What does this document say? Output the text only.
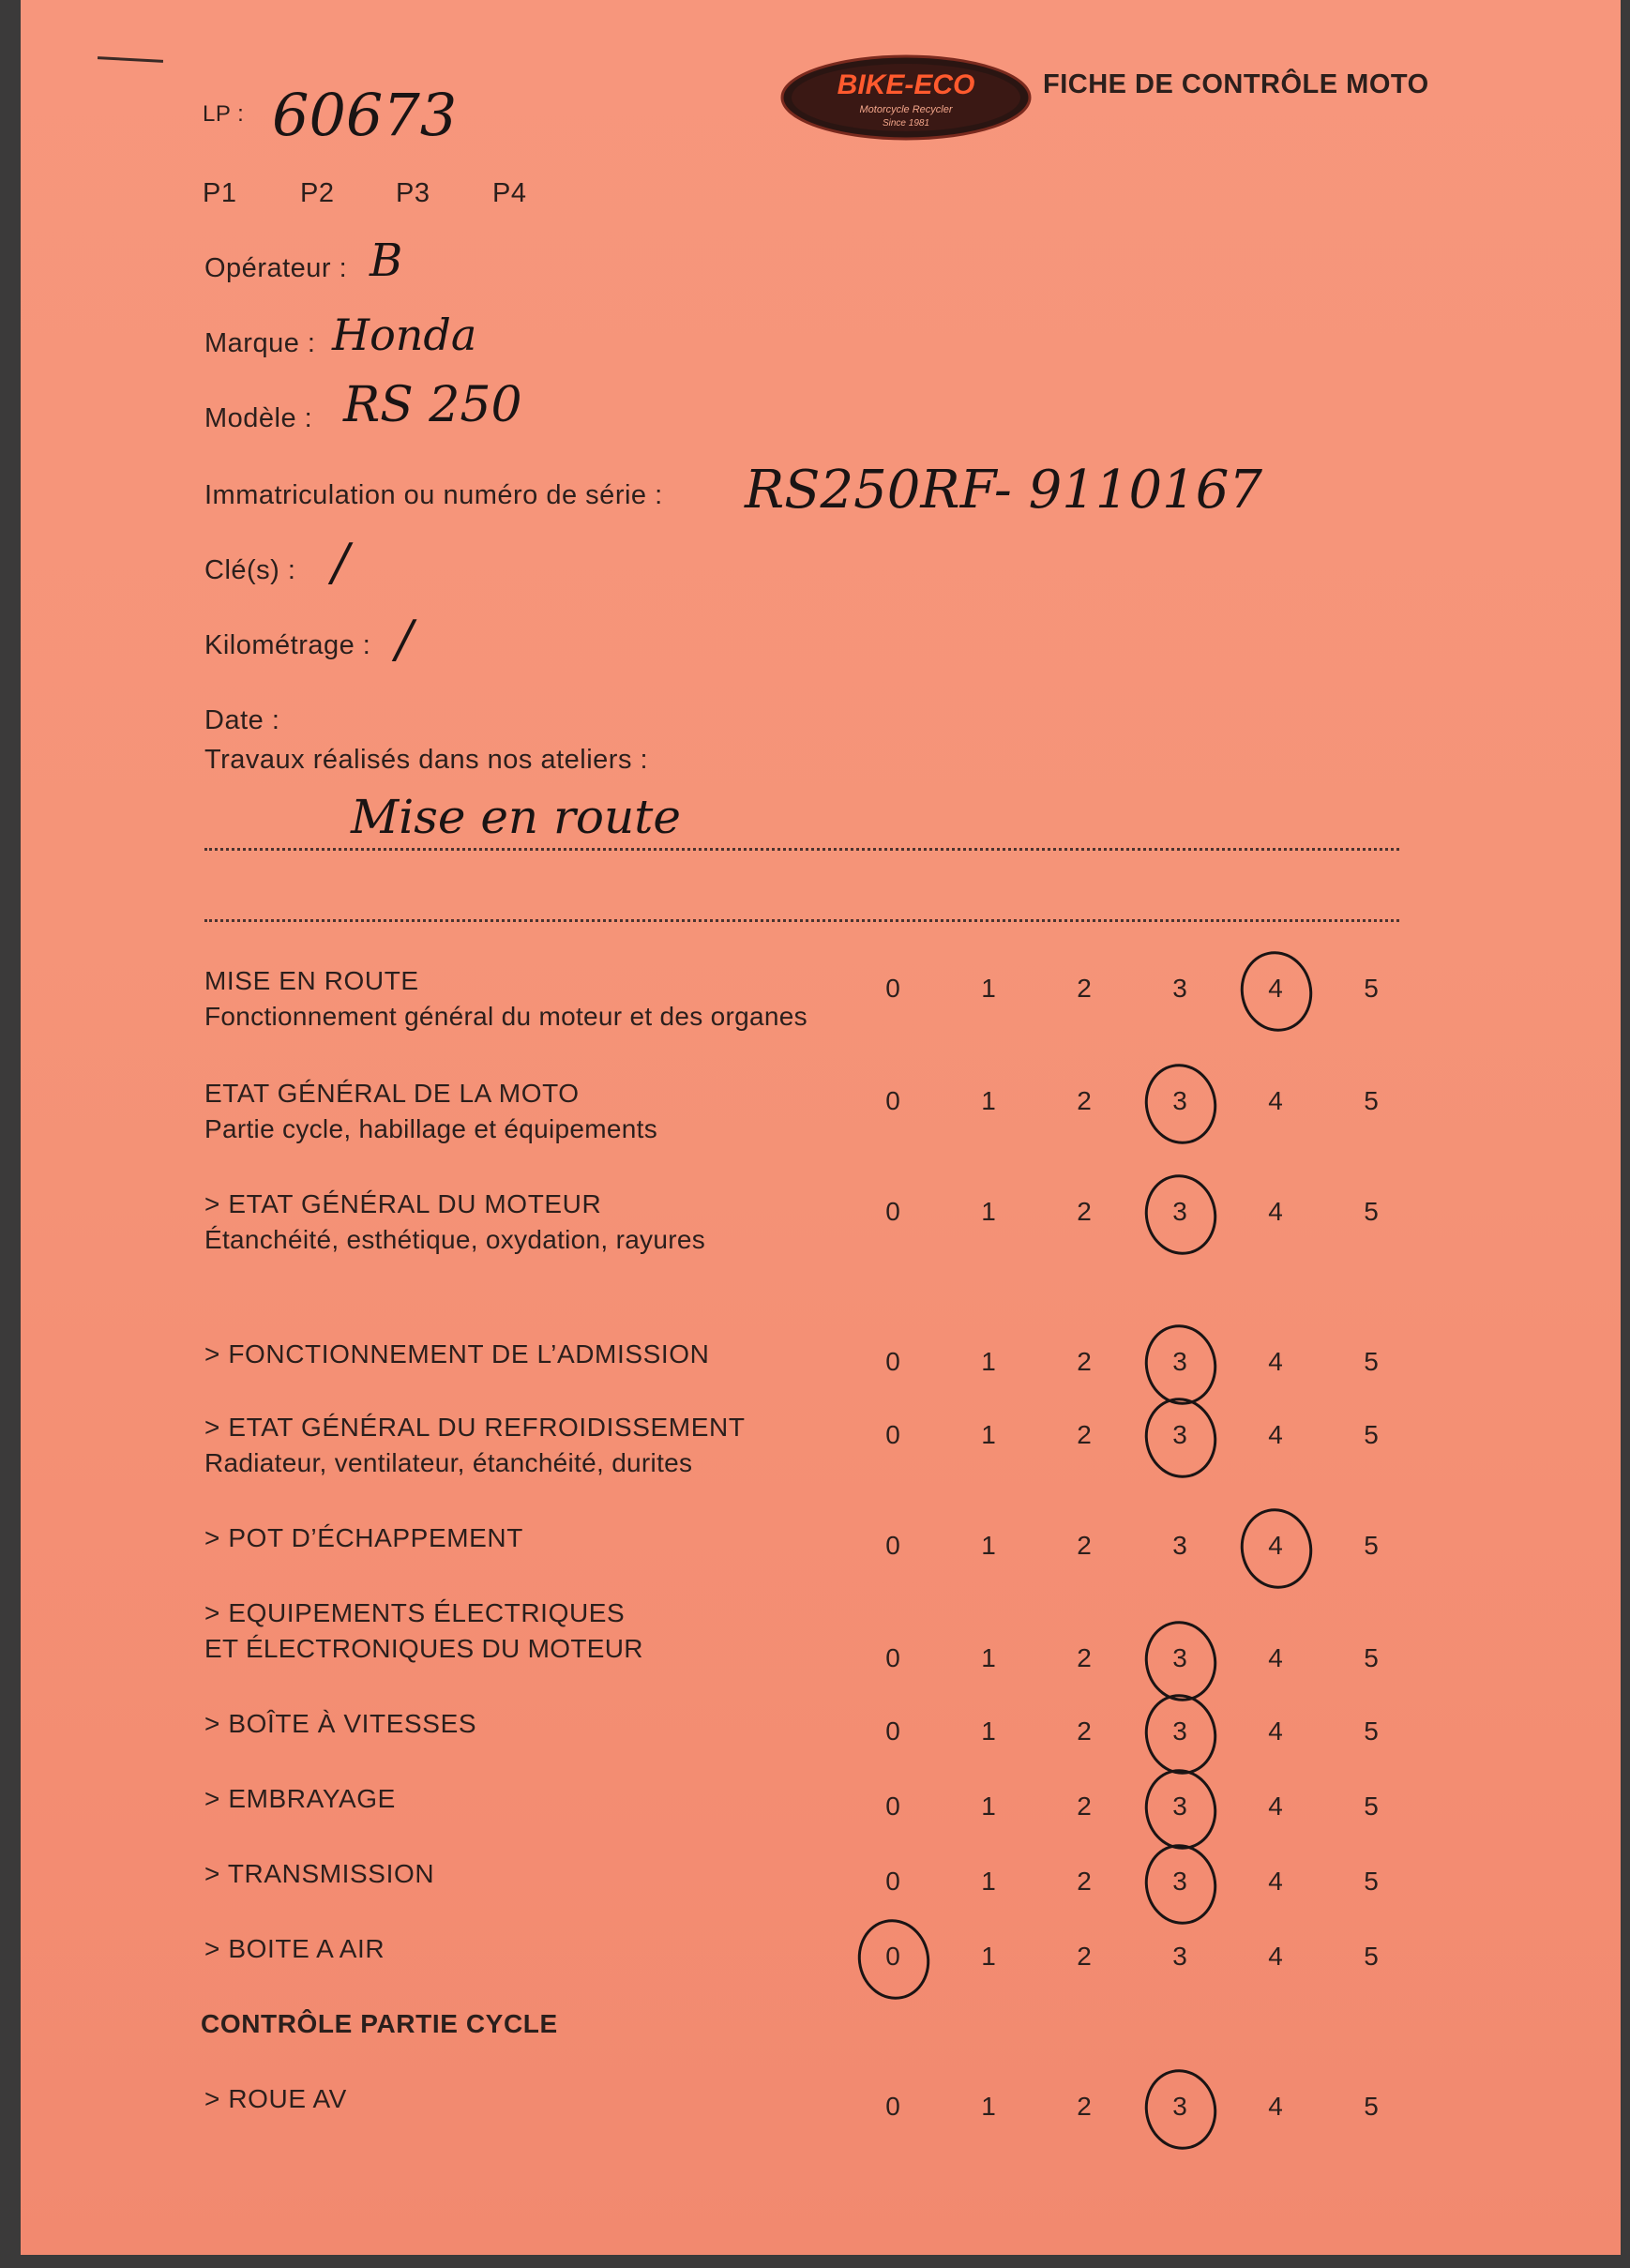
BIKE-ECO
Motorcycle Recycler
Since 1981
FICHE DE CONTRÔLE MOTO
LP : 60673
P1 P2 P3 P4
Opérateur : B
Marque : Honda
Modèle : RS 250
Immatriculation ou numéro de série : RS250RF- 9110167
Clé(s) : /
Kilométrage : /
Date :
Travaux réalisés dans nos ateliers :
Mise en route
MISE EN ROUTE
Fonctionnement général du moteur et des organes
0	1	2	3	4	5
ETAT GÉNÉRAL DE LA MOTO
Partie cycle, habillage et équipements
0	1	2	3	4	5
> ETAT GÉNÉRAL DU MOTEUR
Étanchéité, esthétique, oxydation, rayures
0	1	2	3	4	5
> FONCTIONNEMENT DE L’ADMISSION	0	1	2	3	4	5
> ETAT GÉNÉRAL DU REFROIDISSEMENT
Radiateur, ventilateur, étanchéité, durites
0	1	2	3	4	5
> POT D’ÉCHAPPEMENT	0	1	2	3	4	5
> EQUIPEMENTS ÉLECTRIQUES
ET ÉLECTRONIQUES DU MOTEUR	0	1	2	3	4	5
> BOÎTE À VITESSES	0	1	2	3	4	5
> EMBRAYAGE	0	1	2	3	4	5
> TRANSMISSION	0	1	2	3	4	5
> BOITE A AIR	0	1	2	3	4	5
CONTRÔLE PARTIE CYCLE
> ROUE AV	0	1	2	3	4	5
